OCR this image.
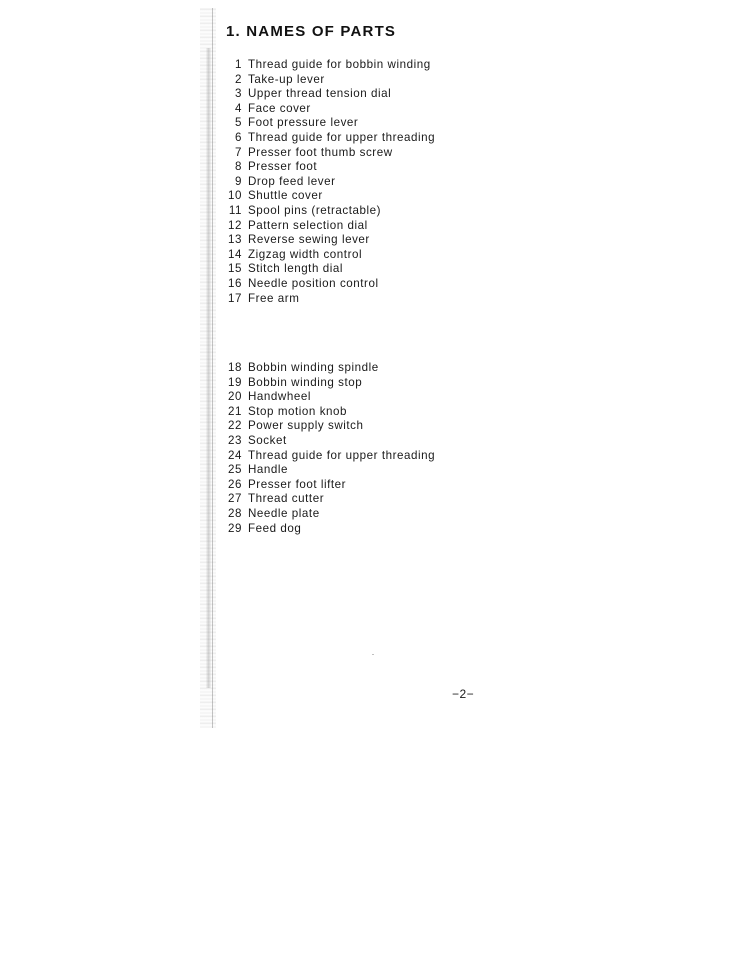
1. NAMES OF PARTS
1 Thread guide for bobbin winding
2 Take-up lever
3 Upper thread tension dial
4 Face cover
5 Foot pressure lever
6 Thread guide for upper threading
7 Presser foot thumb screw
8 Presser foot
9 Drop feed lever
10 Shuttle cover
11 Spool pins (retractable)
12 Pattern selection dial
13 Reverse sewing lever
14 Zigzag width control
15 Stitch length dial
16 Needle position control
17 Free arm
18 Bobbin winding spindle
19 Bobbin winding stop
20 Handwheel
21 Stop motion knob
22 Power supply switch
23 Socket
24 Thread guide for upper threading
25 Handle
26 Presser foot lifter
27 Thread cutter
28 Needle plate
29 Feed dog
−2−
